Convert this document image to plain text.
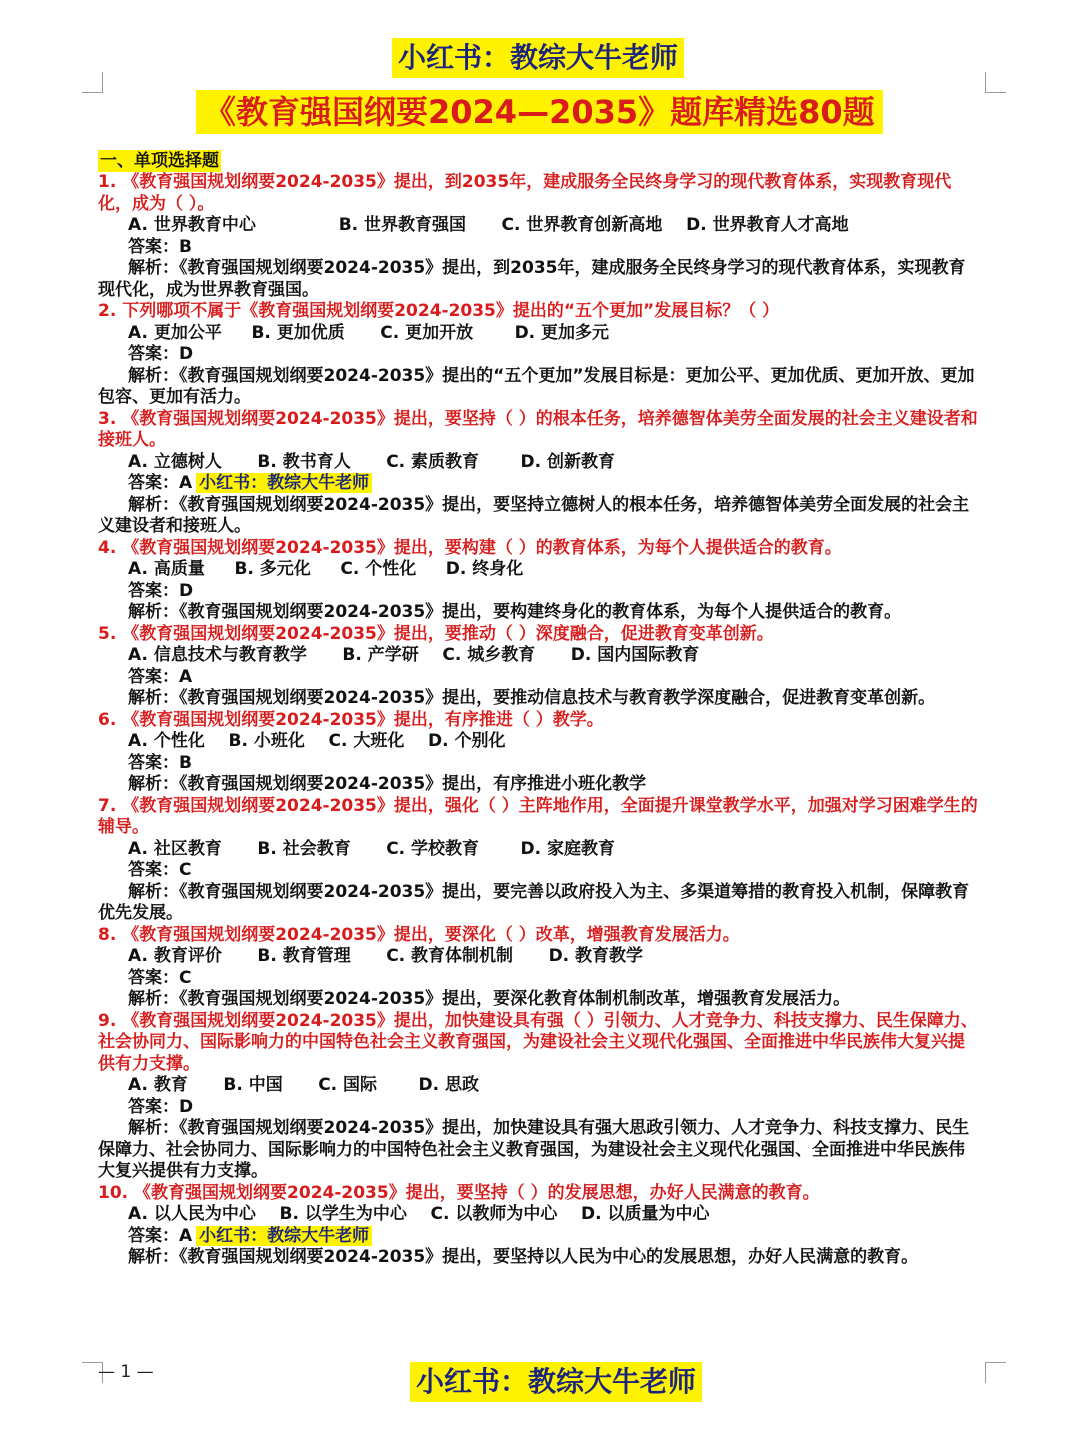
小红书：教综大牛老师
《教育强国纲要2024—2035》题库精选80题
一、单项选择题
1. 《教育强国规划纲要2024-2035》提出，到2035年，建成服务全民终身学习的现代教育体系，实现教育现代化，成为（ ）。
A. 世界教育中心              B. 世界教育强国      C. 世界教育创新高地    D. 世界教育人才高地
答案：B
解析：《教育强国规划纲要2024-2035》提出，到2035年，建成服务全民终身学习的现代教育体系，实现教育现代化，成为世界教育强国。
2. 下列哪项不属于《教育强国规划纲要2024-2035》提出的“五个更加”发展目标？（ ）
A. 更加公平     B. 更加优质      C. 更加开放       D. 更加多元
答案：D
解析：《教育强国规划纲要2024-2035》提出的“五个更加”发展目标是：更加公平、更加优质、更加开放、更加包容、更加有活力。
3. 《教育强国规划纲要2024-2035》提出，要坚持（ ）的根本任务，培养德智体美劳全面发展的社会主义建设者和接班人。
A. 立德树人      B. 教书育人      C. 素质教育       D. 创新教育
答案：A 小红书：教综大牛老师
解析：《教育强国规划纲要2024-2035》提出，要坚持立德树人的根本任务，培养德智体美劳全面发展的社会主义建设者和接班人。
4. 《教育强国规划纲要2024-2035》提出，要构建（ ）的教育体系，为每个人提供适合的教育。
A. 高质量     B. 多元化     C. 个性化     D. 终身化
答案：D
解析：《教育强国规划纲要2024-2035》提出，要构建终身化的教育体系，为每个人提供适合的教育。
5. 《教育强国规划纲要2024-2035》提出，要推动（ ）深度融合，促进教育变革创新。
A. 信息技术与教育教学      B. 产学研    C. 城乡教育      D. 国内国际教育
答案：A
解析：《教育强国规划纲要2024-2035》提出，要推动信息技术与教育教学深度融合，促进教育变革创新。
6. 《教育强国规划纲要2024-2035》提出，有序推进（ ）教学。
A. 个性化    B. 小班化    C. 大班化    D. 个别化
答案：B
解析：《教育强国规划纲要2024-2035》提出，有序推进小班化教学
7. 《教育强国规划纲要2024-2035》提出，强化（ ）主阵地作用，全面提升课堂教学水平，加强对学习困难学生的辅导。
A. 社区教育      B. 社会教育      C. 学校教育       D. 家庭教育
答案：C
解析：《教育强国规划纲要2024-2035》提出，要完善以政府投入为主、多渠道筹措的教育投入机制，保障教育优先发展。
8. 《教育强国规划纲要2024-2035》提出，要深化（ ）改革，增强教育发展活力。
A. 教育评价      B. 教育管理      C. 教育体制机制      D. 教育教学
答案：C
解析：《教育强国规划纲要2024-2035》提出，要深化教育体制机制改革，增强教育发展活力。
9. 《教育强国规划纲要2024-2035》提出，加快建设具有强（ ）引领力、人才竞争力、科技支撑力、民生保障力、社会协同力、国际影响力的中国特色社会主义教育强国，为建设社会主义现代化强国、全面推进中华民族伟大复兴提供有力支撑。
A. 教育      B. 中国      C. 国际       D. 思政
答案：D
解析：《教育强国规划纲要2024-2035》提出，加快建设具有强大思政引领力、人才竞争力、科技支撑力、民生保障力、社会协同力、国际影响力的中国特色社会主义教育强国，为建设社会主义现代化强国、全面推进中华民族伟大复兴提供有力支撑。
10. 《教育强国规划纲要2024-2035》提出，要坚持（ ）的发展思想，办好人民满意的教育。
A. 以人民为中心    B. 以学生为中心    C. 以教师为中心    D. 以质量为中心
答案：A 小红书：教综大牛老师
解析：《教育强国规划纲要2024-2035》提出，要坚持以人民为中心的发展思想，办好人民满意的教育。
— 1 —	小红书：教综大牛老师
